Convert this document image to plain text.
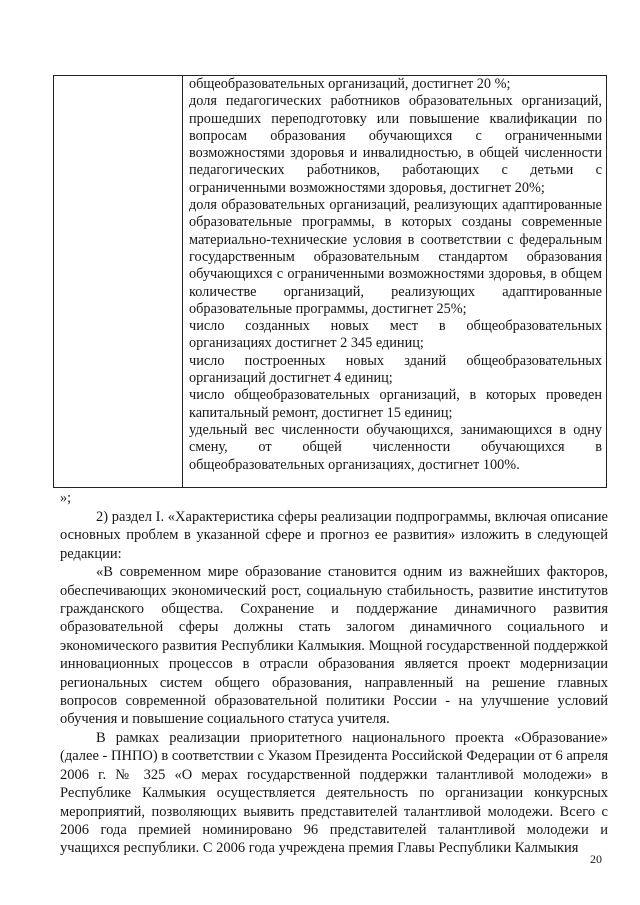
общеобразовательных организаций, достигнет 20 %;

доля педагогических работников образовательных организаций, прошедших переподготовку или повышение квалификации по вопросам образования обучающихся с ограниченными возможностями здоровья и инвалидностью, в общей численности педагогических работников, работающих с детьми с ограниченными возможностями здоровья, достигнет 20%;

доля образовательных организаций, реализующих адаптированные образовательные программы, в которых созданы современные материально-технические условия в соответствии с федеральным государственным образовательным стандартом образования обучающихся с ограниченными возможностями здоровья, в общем количестве организаций, реализующих адаптированные образовательные программы, достигнет 25%;

число созданных новых мест в общеобразовательных организациях достигнет 2 345 единиц;

число построенных новых зданий общеобразовательных организаций достигнет 4 единиц;

число общеобразовательных организаций, в которых проведен капитальный ремонт, достигнет 15 единиц;

удельный вес численности обучающихся, занимающихся в одну смену, от общей численности обучающихся в общеобразовательных организациях, достигнет 100%.

»;

2) раздел I. «Характеристика сферы реализации подпрограммы, включая описание основных проблем в указанной сфере и прогноз ее развития» изложить в следующей редакции:

«В современном мире образование становится одним из важнейших факторов, обеспечивающих экономический рост, социальную стабильность, развитие институтов гражданского общества. Сохранение и поддержание динамичного развития образовательной сферы должны стать залогом динамичного социального и экономического развития Республики Калмыкия. Мощной государственной поддержкой инновационных процессов в отрасли образования является проект модернизации региональных систем общего образования, направленный на решение главных вопросов современной образовательной политики России - на улучшение условий обучения и повышение социального статуса учителя.

В рамках реализации приоритетного национального проекта «Образование» (далее - ПНПО) в соответствии с Указом Президента Российской Федерации от 6 апреля 2006 г. № 325 «О мерах государственной поддержки талантливой молодежи» в Республике Калмыкия осуществляется деятельность по организации конкурсных мероприятий, позволяющих выявить представителей талантливой молодежи. Всего с 2006 года премией номинировано 96 представителей талантливой молодежи и учащихся республики. С 2006 года учреждена премия Главы Республики Калмыкия

20
